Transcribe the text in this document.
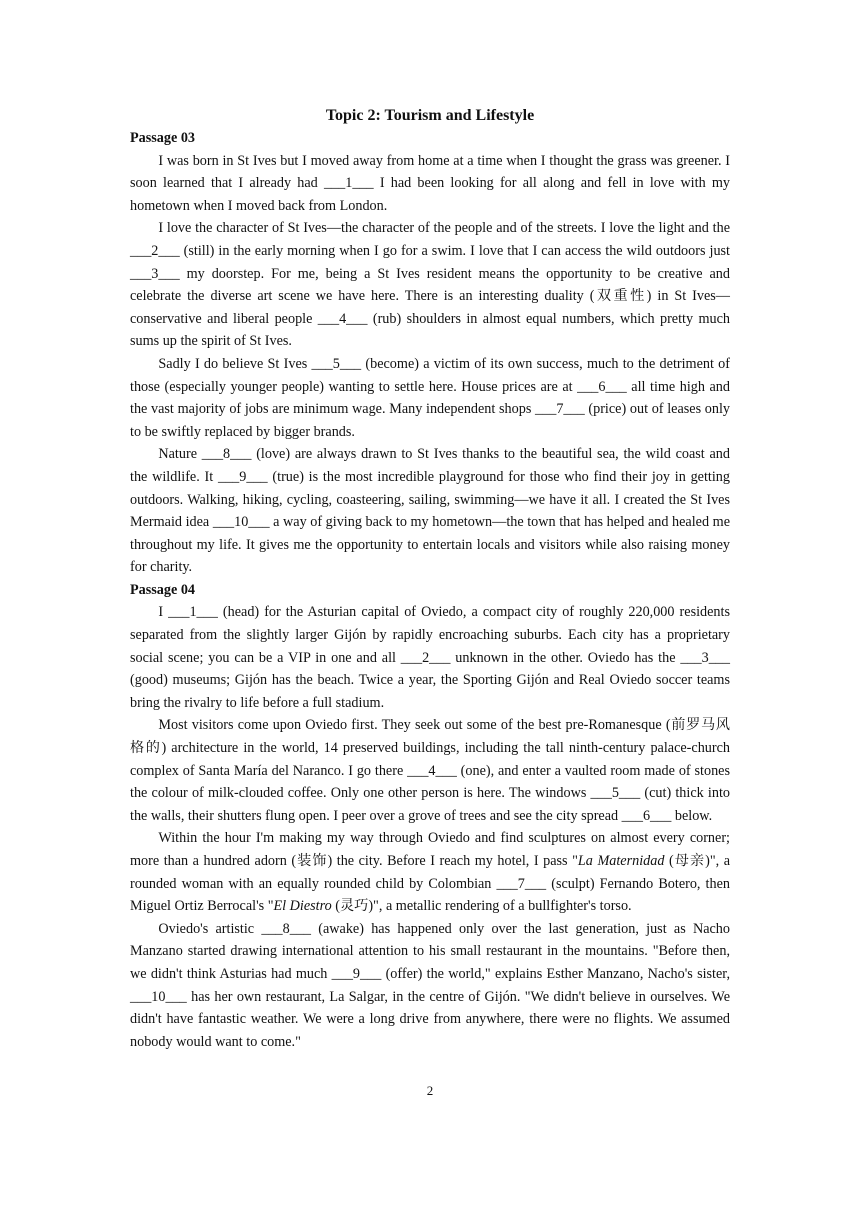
Topic 2: Tourism and Lifestyle
Passage 03

I was born in St Ives but I moved away from home at a time when I thought the grass was greener. I soon learned that I already had ___1___ I had been looking for all along and fell in love with my hometown when I moved back from London.

I love the character of St Ives—the character of the people and of the streets. I love the light and the ___2___ (still) in the early morning when I go for a swim. I love that I can access the wild outdoors just ___3___ my doorstep. For me, being a St Ives resident means the opportunity to be creative and celebrate the diverse art scene we have here. There is an interesting duality (双重性) in St Ives—conservative and liberal people ___4___ (rub) shoulders in almost equal numbers, which pretty much sums up the spirit of St Ives.

Sadly I do believe St Ives ___5___ (become) a victim of its own success, much to the detriment of those (especially younger people) wanting to settle here. House prices are at ___6___ all time high and the vast majority of jobs are minimum wage. Many independent shops ___7___ (price) out of leases only to be swiftly replaced by bigger brands.

Nature ___8___ (love) are always drawn to St Ives thanks to the beautiful sea, the wild coast and the wildlife. It ___9___ (true) is the most incredible playground for those who find their joy in getting outdoors. Walking, hiking, cycling, coasteering, sailing, swimming—we have it all. I created the St Ives Mermaid idea ___10___ a way of giving back to my hometown—the town that has helped and healed me throughout my life. It gives me the opportunity to entertain locals and visitors while also raising money for charity.

Passage 04

I ___1___ (head) for the Asturian capital of Oviedo, a compact city of roughly 220,000 residents separated from the slightly larger Gijón by rapidly encroaching suburbs. Each city has a proprietary social scene; you can be a VIP in one and all ___2___ unknown in the other. Oviedo has the ___3___ (good) museums; Gijón has the beach. Twice a year, the Sporting Gijón and Real Oviedo soccer teams bring the rivalry to life before a full stadium.

Most visitors come upon Oviedo first. They seek out some of the best pre-Romanesque (前罗马风格的) architecture in the world, 14 preserved buildings, including the tall ninth-century palace-church complex of Santa María del Naranco. I go there ___4___ (one), and enter a vaulted room made of stones the colour of milk-clouded coffee. Only one other person is here. The windows ___5___ (cut) thick into the walls, their shutters flung open. I peer over a grove of trees and see the city spread ___6___ below.

Within the hour I'm making my way through Oviedo and find sculptures on almost every corner; more than a hundred adorn (装饰) the city. Before I reach my hotel, I pass "La Maternidad (母亲)", a rounded woman with an equally rounded child by Colombian ___7___ (sculpt) Fernando Botero, then Miguel Ortiz Berrocal's "El Diestro (灵巧)", a metallic rendering of a bullfighter's torso.

Oviedo's artistic ___8___ (awake) has happened only over the last generation, just as Nacho Manzano started drawing international attention to his small restaurant in the mountains. "Before then, we didn't think Asturias had much ___9___ (offer) the world," explains Esther Manzano, Nacho's sister, ___10___ has her own restaurant, La Salgar, in the centre of Gijón. "We didn't believe in ourselves. We didn't have fantastic weather. We were a long drive from anywhere, there were no flights. We assumed nobody would want to come."

2
